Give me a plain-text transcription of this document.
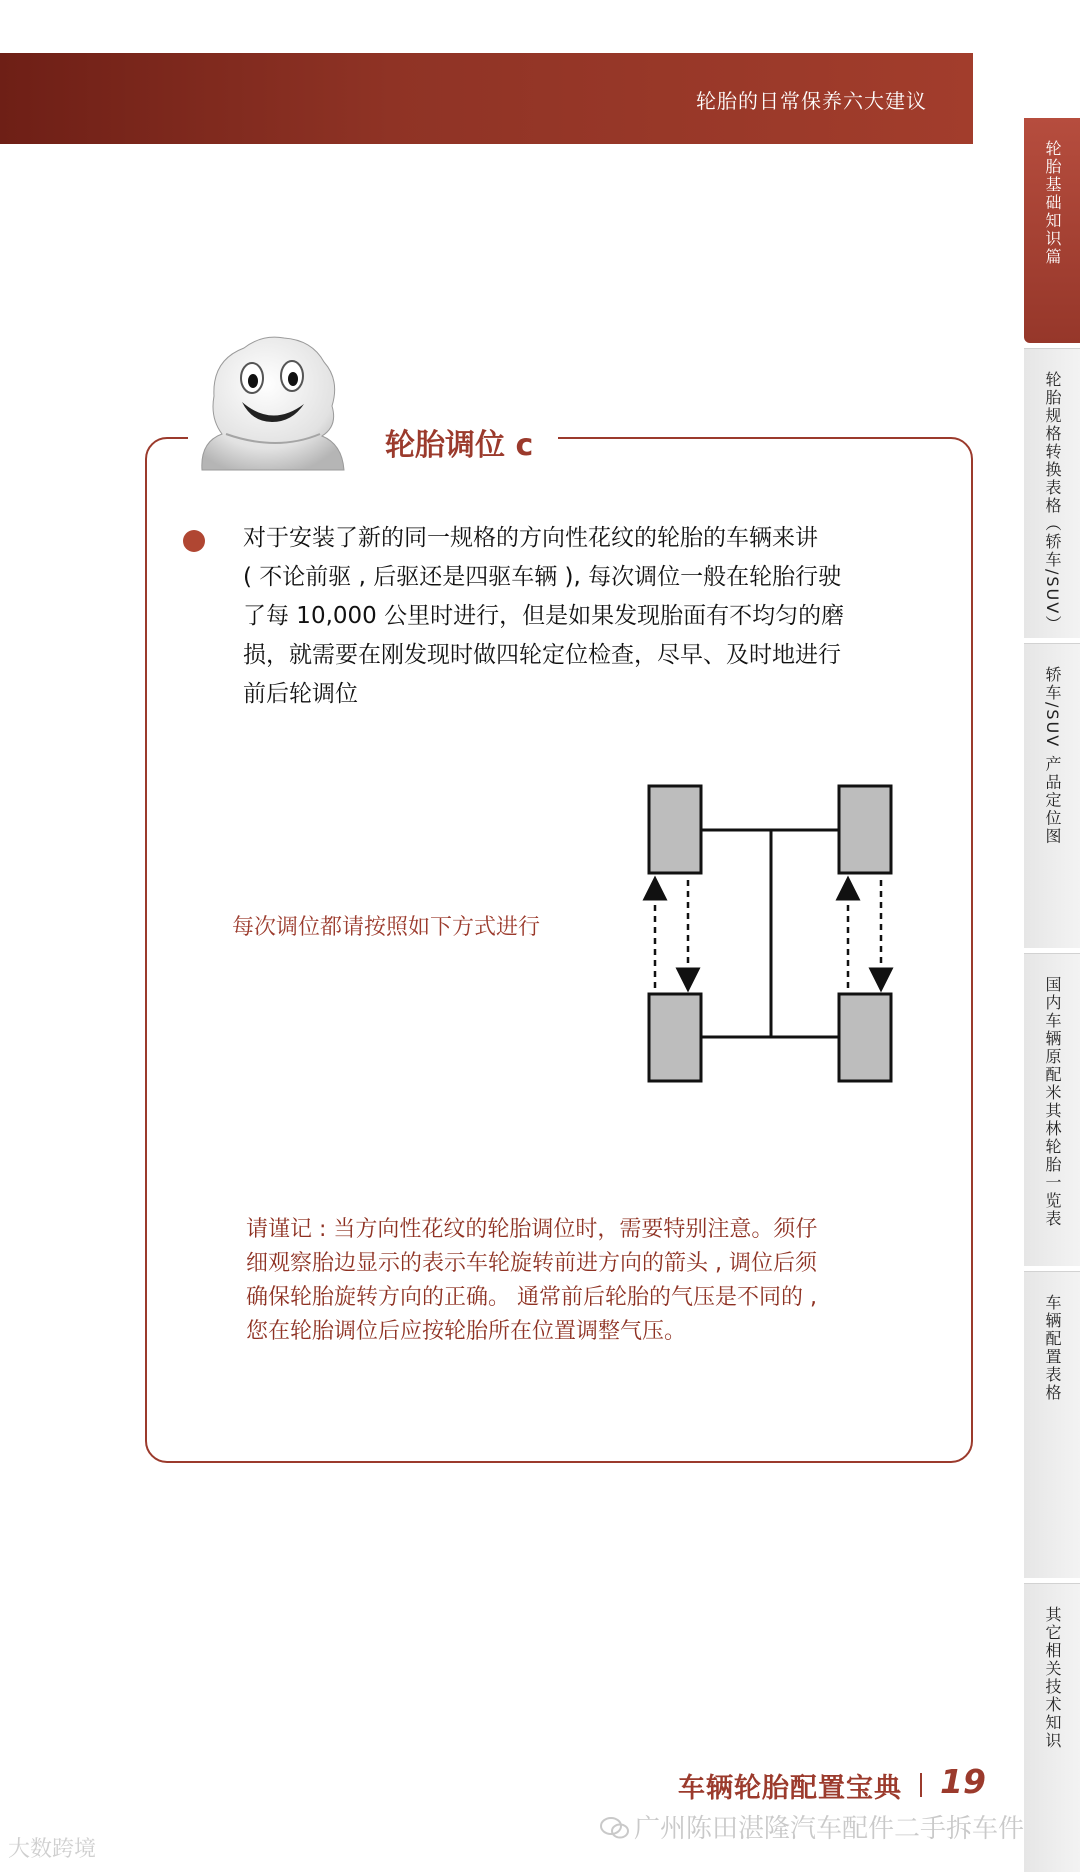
轮胎的日常保养六大建议
轮胎基础知识篇
轮胎规格转换表格（轿车/SUV）
轿车/SUV 产品定位图
国内车辆原配米其林轮胎一览表
车辆配置表格
其它相关技术知识
轮胎调位 c

对于安装了新的同一规格的方向性花纹的轮胎的车辆来讲

( 不论前驱 , 后驱还是四驱车辆 ), 每次调位一般在轮胎行驶

了每 10,000 公里时进行，但是如果发现胎面有不均匀的磨

损，就需要在刚发现时做四轮定位检查，尽早、及时地进行

前后轮调位

每次调位都请按照如下方式进行

请谨记 : 当方向性花纹的轮胎调位时，需要特别注意。须仔

细观察胎边显示的表示车轮旋转前进方向的箭头 , 调位后须

确保轮胎旋转方向的正确。 通常前后轮胎的气压是不同的 ,

您在轮胎调位后应按轮胎所在位置调整气压。

车辆轮胎配置宝典 19
广州陈田湛隆汽车配件二手拆车件
大数跨境
